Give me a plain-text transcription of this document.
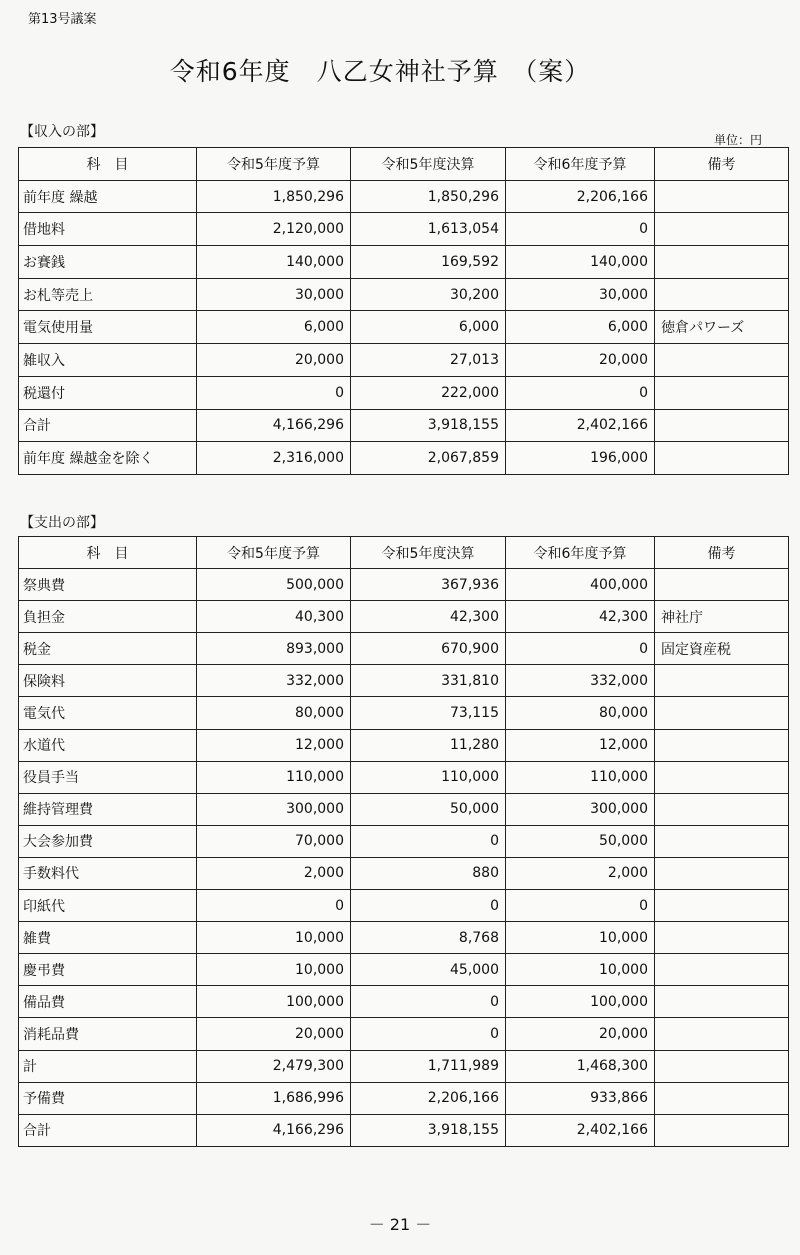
第13号議案
令和6年度　八乙女神社予算　（案）
【収入の部】	単位：円
科　目	令和5年度予算	令和5年度決算	令和6年度予算	備考
前年度 繰越	1,850,296	1,850,296	2,206,166	
借地料	2,120,000	1,613,054	0	
お賽銭	140,000	169,592	140,000	
お札等売上	30,000	30,200	30,000	
電気使用量	6,000	6,000	6,000	徳倉パワーズ
雑収入	20,000	27,013	20,000	
税還付	0	222,000	0	
合計	4,166,296	3,918,155	2,402,166	
前年度 繰越金を除く	2,316,000	2,067,859	196,000	
【支出の部】
科　目	令和5年度予算	令和5年度決算	令和6年度予算	備考
祭典費	500,000	367,936	400,000	
負担金	40,300	42,300	42,300	神社庁
税金	893,000	670,900	0	固定資産税
保険料	332,000	331,810	332,000	
電気代	80,000	73,115	80,000	
水道代	12,000	11,280	12,000	
役員手当	110,000	110,000	110,000	
維持管理費	300,000	50,000	300,000	
大会参加費	70,000	0	50,000	
手数料代	2,000	880	2,000	
印紙代	0	0	0	
雑費	10,000	8,768	10,000	
慶弔費	10,000	45,000	10,000	
備品費	100,000	0	100,000	
消耗品費	20,000	0	20,000	
計	2,479,300	1,711,989	1,468,300	
予備費	1,686,996	2,206,166	933,866	
合計	4,166,296	3,918,155	2,402,166	
－ 21 －
